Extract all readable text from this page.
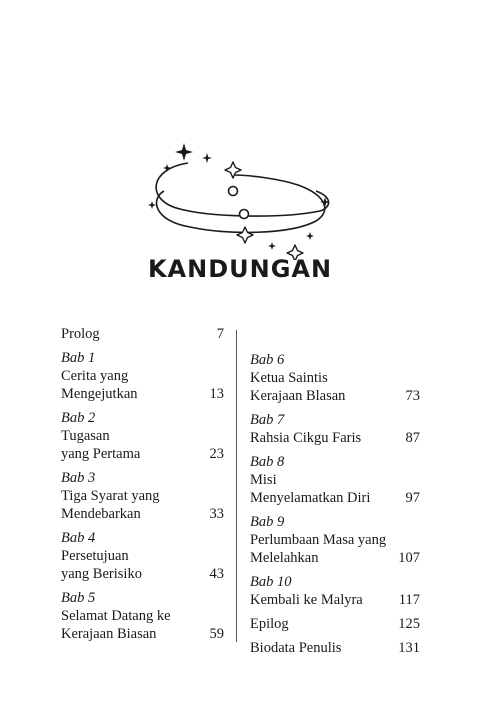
KANDUNGAN
Prolog	7
Bab 1
Cerita yang
Mengejutkan	13
Bab 2
Tugasan
yang Pertama	23
Bab 3
Tiga Syarat yang
Mendebarkan	33
Bab 4
Persetujuan
yang Berisiko	43
Bab 5
Selamat Datang ke
Kerajaan Biasan	59
Bab 6
Ketua Saintis
Kerajaan Blasan	73
Bab 7
Rahsia Cikgu Faris	87
Bab 8
Misi
Menyelamatkan Diri	97
Bab 9
Perlumbaan Masa yang
Melelahkan	107
Bab 10
Kembali ke Malyra	117
Epilog	125
Biodata Penulis	131
